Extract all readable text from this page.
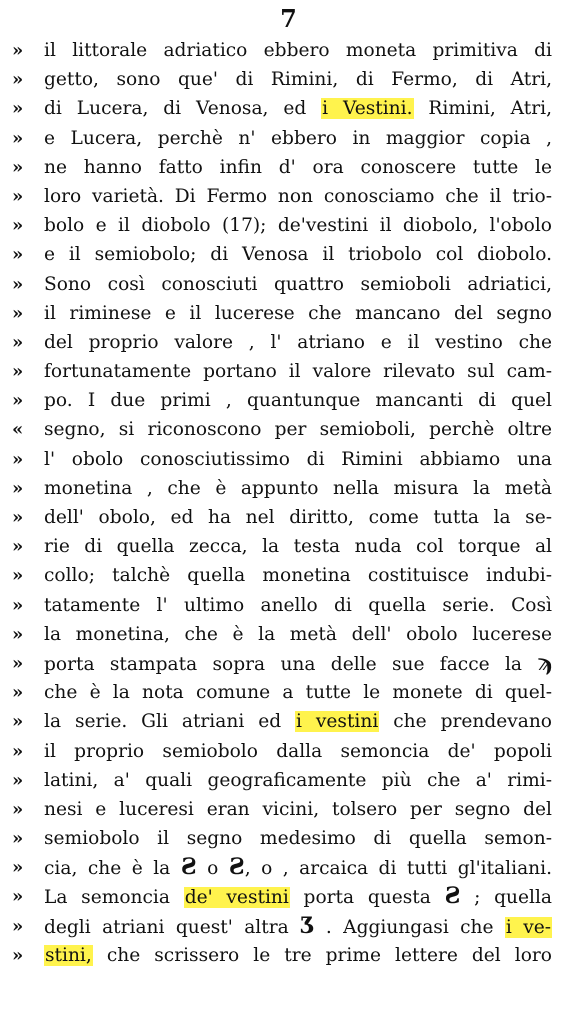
7
» il littorale adriatico ebbero moneta primitiva di
» getto, sono que' di Rimini, di Fermo, di Atri,
» di Lucera, di Venosa, ed i Vestini. Rimini, Atri,
» e Lucera, perchè n' ebbero in maggior copia ,
» ne hanno fatto infin d' ora conoscere tutte le
» loro varietà. Di Fermo non conosciamo che il trio-
» bolo e il diobolo (17); de'vestini il diobolo, l'obolo
» e il semiobolo; di Venosa il triobolo col diobolo.
» Sono così conosciuti quattro semioboli adriatici,
» il riminese e il lucerese che mancano del segno
» del proprio valore , l' atriano e il vestino che
» fortunatamente portano il valore rilevato sul cam-
» po. I due primi , quantunque mancanti di quel
« segno, si riconoscono per semioboli, perchè oltre
» l' obolo conosciutissimo di Rimini abbiamo una
» monetina , che è appunto nella misura la metà
» dell' obolo, ed ha nel diritto, come tutta la se-
» rie di quella zecca, la testa nuda col torque al
» collo; talchè quella monetina costituisce indubi-
» tatamente l' ultimo anello di quella serie. Così
» la monetina, che è la metà dell' obolo lucerese
» porta stampata sopra una delle sue facce la ϡ
» che è la nota comune a tutte le monete di quel-
» la serie. Gli atriani ed i vestini che prendevano
» il proprio semiobolo dalla semoncia de' popoli
» latini, a' quali geograficamente più che a' rimi-
» nesi e luceresi eran vicini, tolsero per segno del
» semiobolo il segno medesimo di quella semon-
» cia, che è la Ƨ o Ƨ, o , arcaica di tutti gl'italiani.
» La semoncia de' vestini porta questa Ƨ ; quella
» degli atriani quest' altra Ʒ . Aggiungasi che i ve-
» stini, che scrissero le tre prime lettere del loro
